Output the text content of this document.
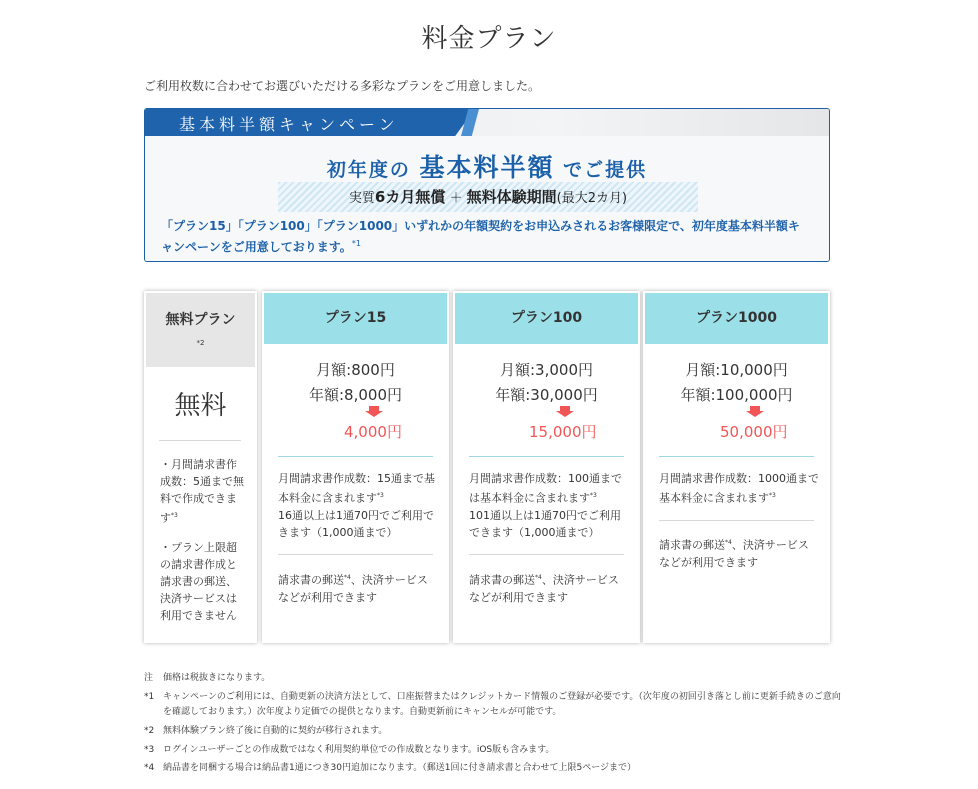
料金プラン

ご利用枚数に合わせてお選びいただける多彩なプランをご用意しました。

基本料半額キャンペーン
初年度の 基本料半額 でご提供
実質6カ月無償 ＋ 無料体験期間(最大2カ月)

「プラン15」「プラン100」「プラン1000」いずれかの年額契約をお申込みされるお客様限定で、初年度基本料半額キャンペーンをご用意しております。$^{*1}$

無料プラン
*2
無料
・月間請求書作成数：5通まで無料で作成できます$^{*3}$
・プラン上限超の請求書作成と請求書の郵送、決済サービスは利用できません
プラン15
月額:800円
年額:8,000円
4,000円
月間請求書作成数：15通まで基本料金に含まれます$^{*3}$
16通以上は1通70円でご利用できます（1,000通まで）
請求書の郵送$^{*4}$、決済サービスなどが利用できます
プラン100
月額:3,000円
年額:30,000円
15,000円
月間請求書作成数：100通までは基本料金に含まれます$^{*3}$
101通以上は1通70円でご利用できます（1,000通まで）
請求書の郵送$^{*4}$、決済サービスなどが利用できます
プラン1000
月額:10,000円
年額:100,000円
50,000円
月間請求書作成数：1000通まで基本料金に含まれます$^{*3}$
請求書の郵送$^{*4}$、決済サービスなどが利用できます
注 価格は税抜きになります。
*1 キャンペーンのご利用には、自動更新の決済方法として、口座振替またはクレジットカード情報のご登録が必要です。（次年度の初回引き落とし前に更新手続きのご意向を確認しております。）次年度より定価での提供となります。自動更新前にキャンセルが可能です。
*2 無料体験プラン終了後に自動的に契約が移行されます。
*3 ログインユーザーごとの作成数ではなく利用契約単位での作成数となります。iOS版も含みます。
*4 納品書を同梱する場合は納品書1通につき30円追加になります。（郵送1回に付き請求書と合わせて上限5ページまで）
